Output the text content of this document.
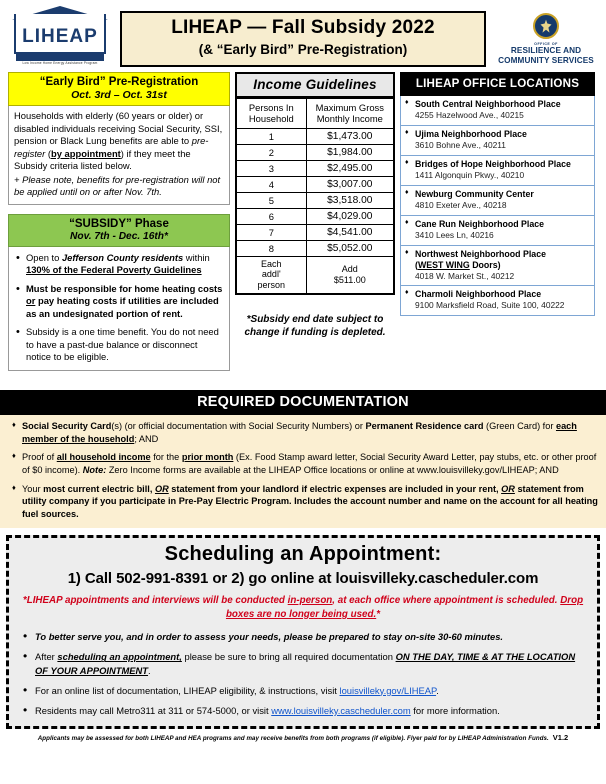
LIHEAP
Low Income Home Energy Assistance Program
LIHEAP — Fall Subsidy 2022
(& “Early Bird” Pre-Registration)	OFFICE OF
RESILIENCE AND
COMMUNITY SERVICES
“Early Bird” Pre-Registration
Oct. 3rd – Oct. 31st
Households with elderly (60 years or older) or disabled individuals receiving Social Security, SSI, pension or Black Lung benefits are able to pre-register (by appointment) if they meet the Subsidy criteria listed below.
+ Please note, benefits for pre-registration will not be applied until on or after Nov. 7th.
“SUBSIDY” Phase
Nov. 7th - Dec. 16th*
• Open to Jefferson County residents within 130% of the Federal Poverty Guidelines
• Must be responsible for home heating costs or pay heating costs if utilities are included as an undesignated portion of rent.
• Subsidy is a one time benefit. You do not need to have a past-due balance or disconnect notice to be eligible.
Income Guidelines
Persons In Household	Maximum Gross Monthly Income
1	$1,473.00
2	$1,984.00
3	$2,495.00
4	$3,007.00
5	$3,518.00
6	$4,029.00
7	$4,541.00
8	$5,052.00
Each
addl'
person	Add
$511.00
*Subsidy end date subject to change if funding is depleted.
LIHEAP OFFICE LOCATIONS
♦ South Central Neighborhood Place
4255 Hazelwood Ave., 40215
♦ Ujima Neighborhood Place
3610 Bohne Ave., 40211
♦ Bridges of Hope Neighborhood Place
1411 Algonquin Pkwy., 40210
♦ Newburg Community Center
4810 Exeter Ave., 40218
♦ Cane Run Neighborhood Place
3410 Lees Ln, 40216
♦ Northwest Neighborhood Place
(WEST WING Doors)
4018 W. Market St., 40212
♦ Charmoli Neighborhood Place
9100 Marksfield Road, Suite 100, 40222
REQUIRED DOCUMENTATION
♦ Social Security Card(s) (or official documentation with Social Security Numbers) or Permanent Residence card (Green Card) for each member of the household; AND
♦ Proof of all household income for the prior month (Ex. Food Stamp award letter, Social Security Award Letter, pay stubs, etc. or other proof of $0 income). Note: Zero Income forms are available at the LIHEAP Office locations or online at www.louisvilleky.gov/LIHEAP; AND
♦ Your most current electric bill, OR statement from your landlord if electric expenses are included in your rent, OR statement from utility company if you participate in Pre-Pay Electric Program. Includes the account number and name on the account for all heating fuel sources.
Scheduling an Appointment:
1) Call 502-991-8391 or 2) go online at louisvilleky.cascheduler.com
*LIHEAP appointments and interviews will be conducted in-person, at each office where appointment is scheduled. Drop boxes are no longer being used.*
• To better serve you, and in order to assess your needs, please be prepared to stay on-site 30-60 minutes.
• After scheduling an appointment, please be sure to bring all required documentation ON THE DAY, TIME & AT THE LOCATION OF YOUR APPOINTMENT.
• For an online list of documentation, LIHEAP eligibility, & instructions, visit louisvilleky.gov/LIHEAP.
• Residents may call Metro311 at 311 or 574-5000, or visit www.louisvilleky.cascheduler.com for more information.
Applicants may be assessed for both LIHEAP and HEA programs and may receive benefits from both programs (if eligible). Flyer paid for by LIHEAP Administration Funds. V1.2
